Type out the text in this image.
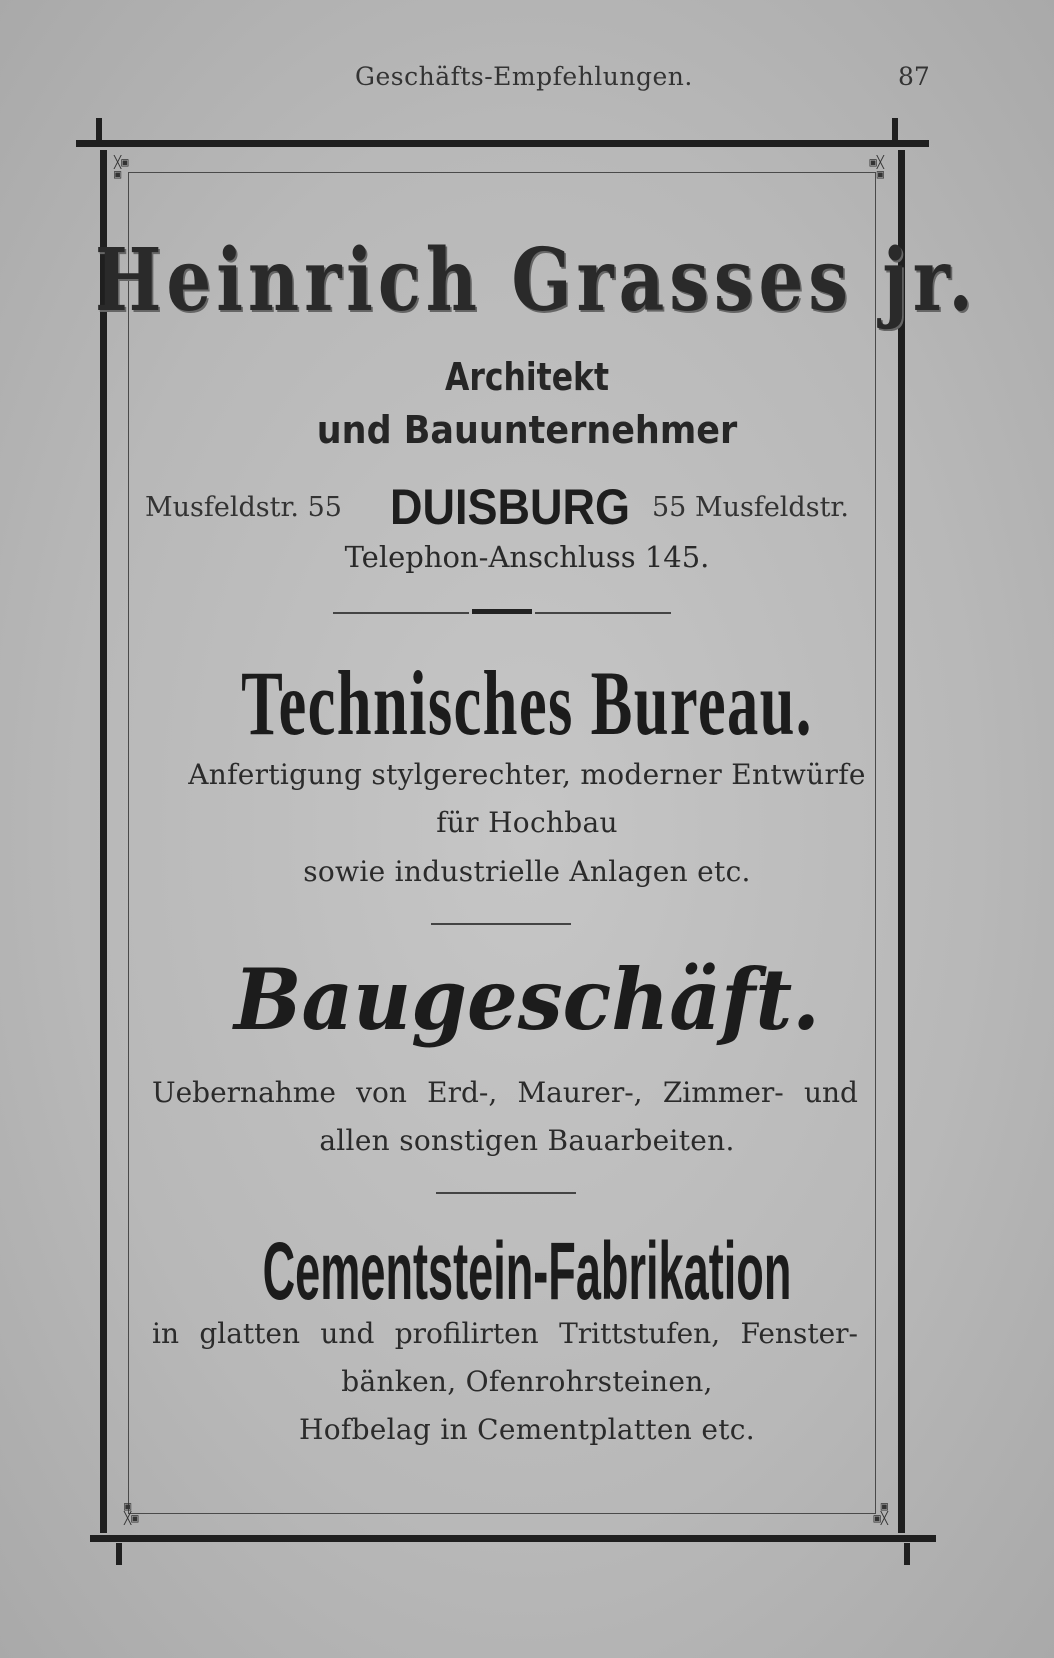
Geschäfts-Empfehlungen.	87
╳▣
▣
▣╳
▣
▣
╳▣
▣
▣╳
Heinrich Grasses jr.
Architekt
und Bauunternehmer
Musfeldstr. 55 DUISBURG 55 Musfeldstr.
Telephon-Anschluss 145.
Technisches Bureau.
Anfertigung stylgerechter, moderner Entwürfe
für Hochbau
sowie industrielle Anlagen etc.
Baugeschäft.
Uebernahme von Erd-, Maurer-, Zimmer- und
allen sonstigen Bauarbeiten.
Cementstein-Fabrikation
in glatten und profilirten Trittstufen, Fenster-
bänken, Ofenrohrsteinen,
Hofbelag in Cementplatten etc.
